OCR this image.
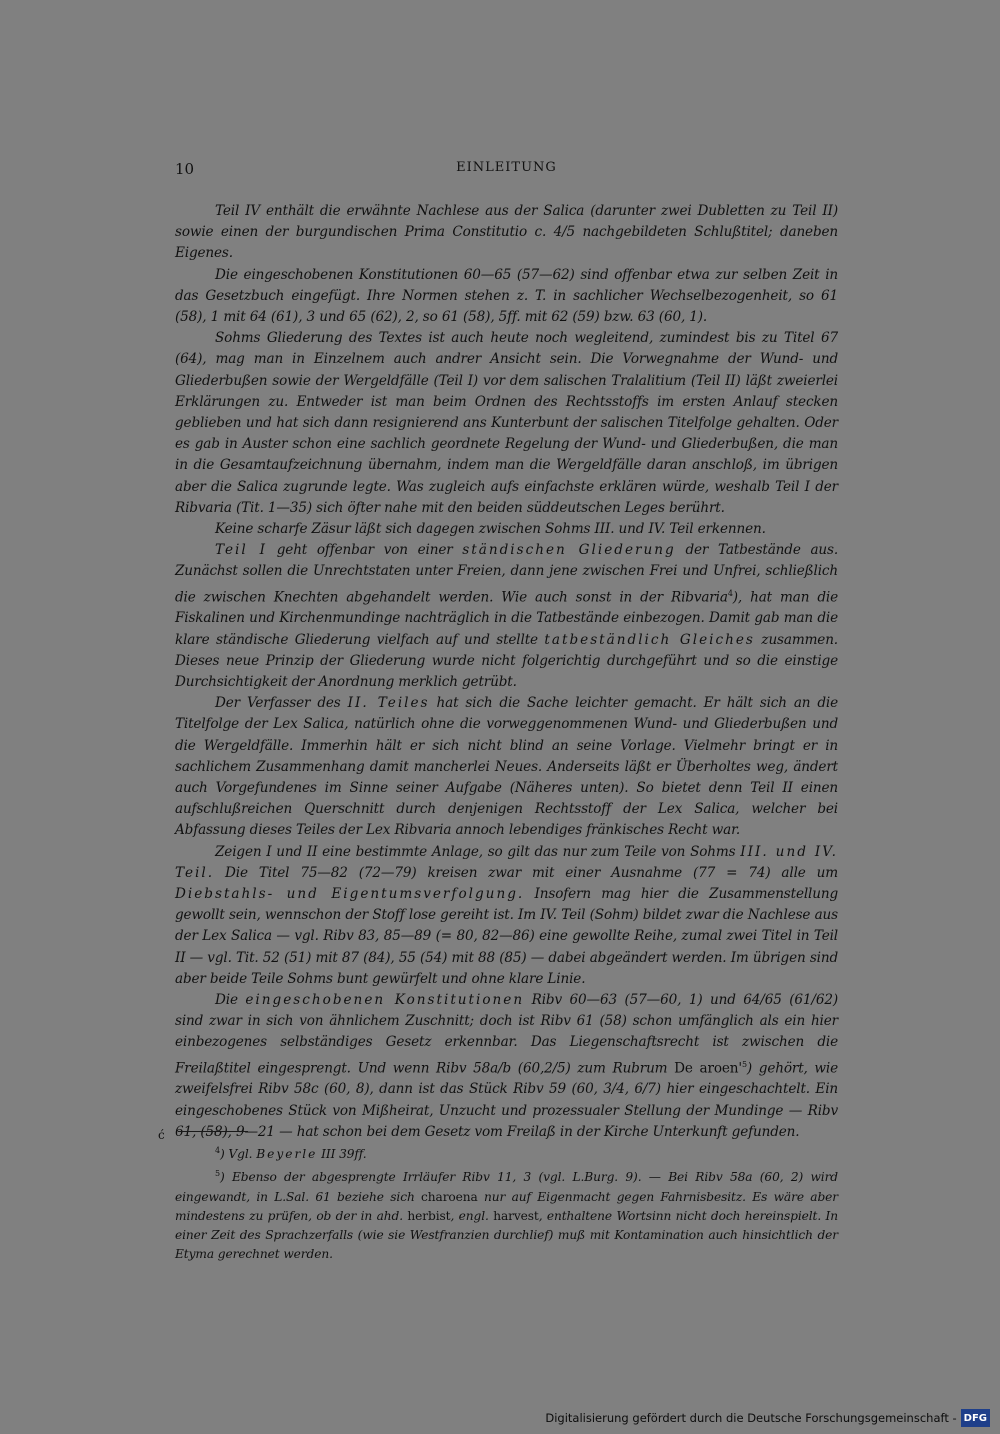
10	EINLEITUNG

Teil IV enthält die erwähnte Nachlese aus der Salica (darunter zwei Dubletten zu Teil II) sowie einen der burgundischen Prima Constitutio c. 4/5 nachgebildeten Schlußtitel; daneben Eigenes.

Die eingeschobenen Konstitutionen 60—65 (57—62) sind offenbar etwa zur selben Zeit in das Gesetzbuch eingefügt. Ihre Normen stehen z. T. in sachlicher Wechselbezogenheit, so 61 (58), 1 mit 64 (61), 3 und 65 (62), 2, so 61 (58), 5ff. mit 62 (59) bzw. 63 (60, 1).

Sohms Gliederung des Textes ist auch heute noch wegleitend, zumindest bis zu Titel 67 (64), mag man in Einzelnem auch andrer Ansicht sein. Die Vorwegnahme der Wund- und Gliederbußen sowie der Wergeldfälle (Teil I) vor dem salischen Tralalitium (Teil II) läßt zweierlei Erklärungen zu. Entweder ist man beim Ordnen des Rechtsstoffs im ersten Anlauf stecken geblieben und hat sich dann resignierend ans Kunterbunt der salischen Titelfolge gehalten. Oder es gab in Auster schon eine sachlich geordnete Regelung der Wund- und Gliederbußen, die man in die Gesamtaufzeichnung übernahm, indem man die Wergeldfälle daran anschloß, im übrigen aber die Salica zugrunde legte. Was zugleich aufs einfachste erklären würde, weshalb Teil I der Ribvaria (Tit. 1—35) sich öfter nahe mit den beiden süddeutschen Leges berührt.

Keine scharfe Zäsur läßt sich dagegen zwischen Sohms III. und IV. Teil erkennen.

Teil I geht offenbar von einer ständischen Gliederung der Tatbestände aus. Zunächst sollen die Unrechtstaten unter Freien, dann jene zwischen Frei und Unfrei, schließlich die zwischen Knechten abgehandelt werden. Wie auch sonst in der Ribvaria$^4$), hat man die Fiskalinen und Kirchenmundinge nachträglich in die Tatbestände einbezogen. Damit gab man die klare ständische Gliederung vielfach auf und stellte tatbeständlich Gleiches zusammen. Dieses neue Prinzip der Gliederung wurde nicht folgerichtig durchgeführt und so die einstige Durchsichtigkeit der Anordnung merklich getrübt.

Der Verfasser des II. Teiles hat sich die Sache leichter gemacht. Er hält sich an die Titelfolge der Lex Salica, natürlich ohne die vorweggenommenen Wund- und Gliederbußen und die Wergeldfälle. Immerhin hält er sich nicht blind an seine Vorlage. Vielmehr bringt er in sachlichem Zusammenhang damit mancherlei Neues. Anderseits läßt er Überholtes weg, ändert auch Vorgefundenes im Sinne seiner Aufgabe (Näheres unten). So bietet denn Teil II einen aufschlußreichen Querschnitt durch denjenigen Rechtsstoff der Lex Salica, welcher bei Abfassung dieses Teiles der Lex Ribvaria annoch lebendiges fränkisches Recht war.

Zeigen I und II eine bestimmte Anlage, so gilt das nur zum Teile von Sohms III. und IV. Teil. Die Titel 75—82 (72—79) kreisen zwar mit einer Ausnahme (77 = 74) alle um Diebstahls- und Eigentumsverfolgung. Insofern mag hier die Zusammenstellung gewollt sein, wennschon der Stoff lose gereiht ist. Im IV. Teil (Sohm) bildet zwar die Nachlese aus der Lex Salica — vgl. Ribv 83, 85—89 (= 80, 82—86) eine gewollte Reihe, zumal zwei Titel in Teil II — vgl. Tit. 52 (51) mit 87 (84), 55 (54) mit 88 (85) — dabei abgeändert werden. Im übrigen sind aber beide Teile Sohms bunt gewürfelt und ohne klare Linie.

Die eingeschobenen Konstitutionen Ribv 60—63 (57—60, 1) und 64/65 (61/62) sind zwar in sich von ähnlichem Zuschnitt; doch ist Ribv 61 (58) schon umfänglich als ein hier einbezogenes selbständiges Gesetz erkennbar. Das Liegenschaftsrecht ist zwischen die Freilaßtitel eingesprengt. Und wenn Ribv 58a/b (60,2/5) zum Rubrum De $aroen'^5$) gehört, wie zweifelsfrei Ribv 58c (60, 8), dann ist das Stück Ribv 59 (60, 3/4, 6/7) hier eingeschachtelt. Ein eingeschobenes Stück von Mißheirat, Unzucht und prozessualer Stellung der Mundinge — Ribv 61, (58), 9—21 — hat schon bei dem Gesetz vom Freilaß in der Kirche Unterkunft gefunden.

ć

$^4$) Vgl. Beyerle III 39ff.

$^5$) Ebenso der abgesprengte Irrläufer Ribv 11, 3 (vgl. L.Burg. 9). — Bei Ribv 58a (60, 2) wird eingewandt, in L.Sal. 61 beziehe sich charoena nur auf Eigenmacht gegen Fahrnisbesitz. Es wäre aber mindestens zu prüfen, ob der in ahd. herbist, engl. harvest, enthaltene Wortsinn nicht doch hereinspielt. In einer Zeit des Sprachzerfalls (wie sie Westfranzien durchlief) muß mit Kontamination auch hinsichtlich der Etyma gerechnet werden.

Digitalisierung gefördert durch die Deutsche Forschungsgemeinschaft - DFG
